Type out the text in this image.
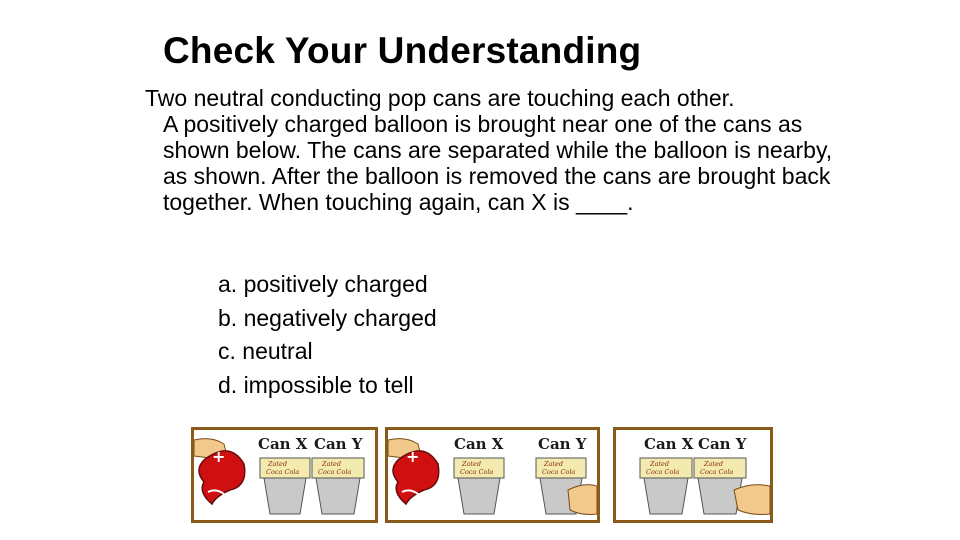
Check Your Understanding
Two neutral conducting pop cans are touching each other.
A positively charged balloon is brought near one of the cans as shown below. The cans are separated while the balloon is nearby, as shown. After the balloon is removed the cans are brought back together. When touching again, can X is ____.
a. positively charged
b. negatively charged
c. neutral
d. impossible to tell
Can X Can Y
+	Zated
Coca Cola
Zated
Coca Cola
Can X Can Y
+	Zated
Coca Cola
Zated
Coca Cola
Can X Can Y
Zated
Coca Cola
Zated
Coca Cola
